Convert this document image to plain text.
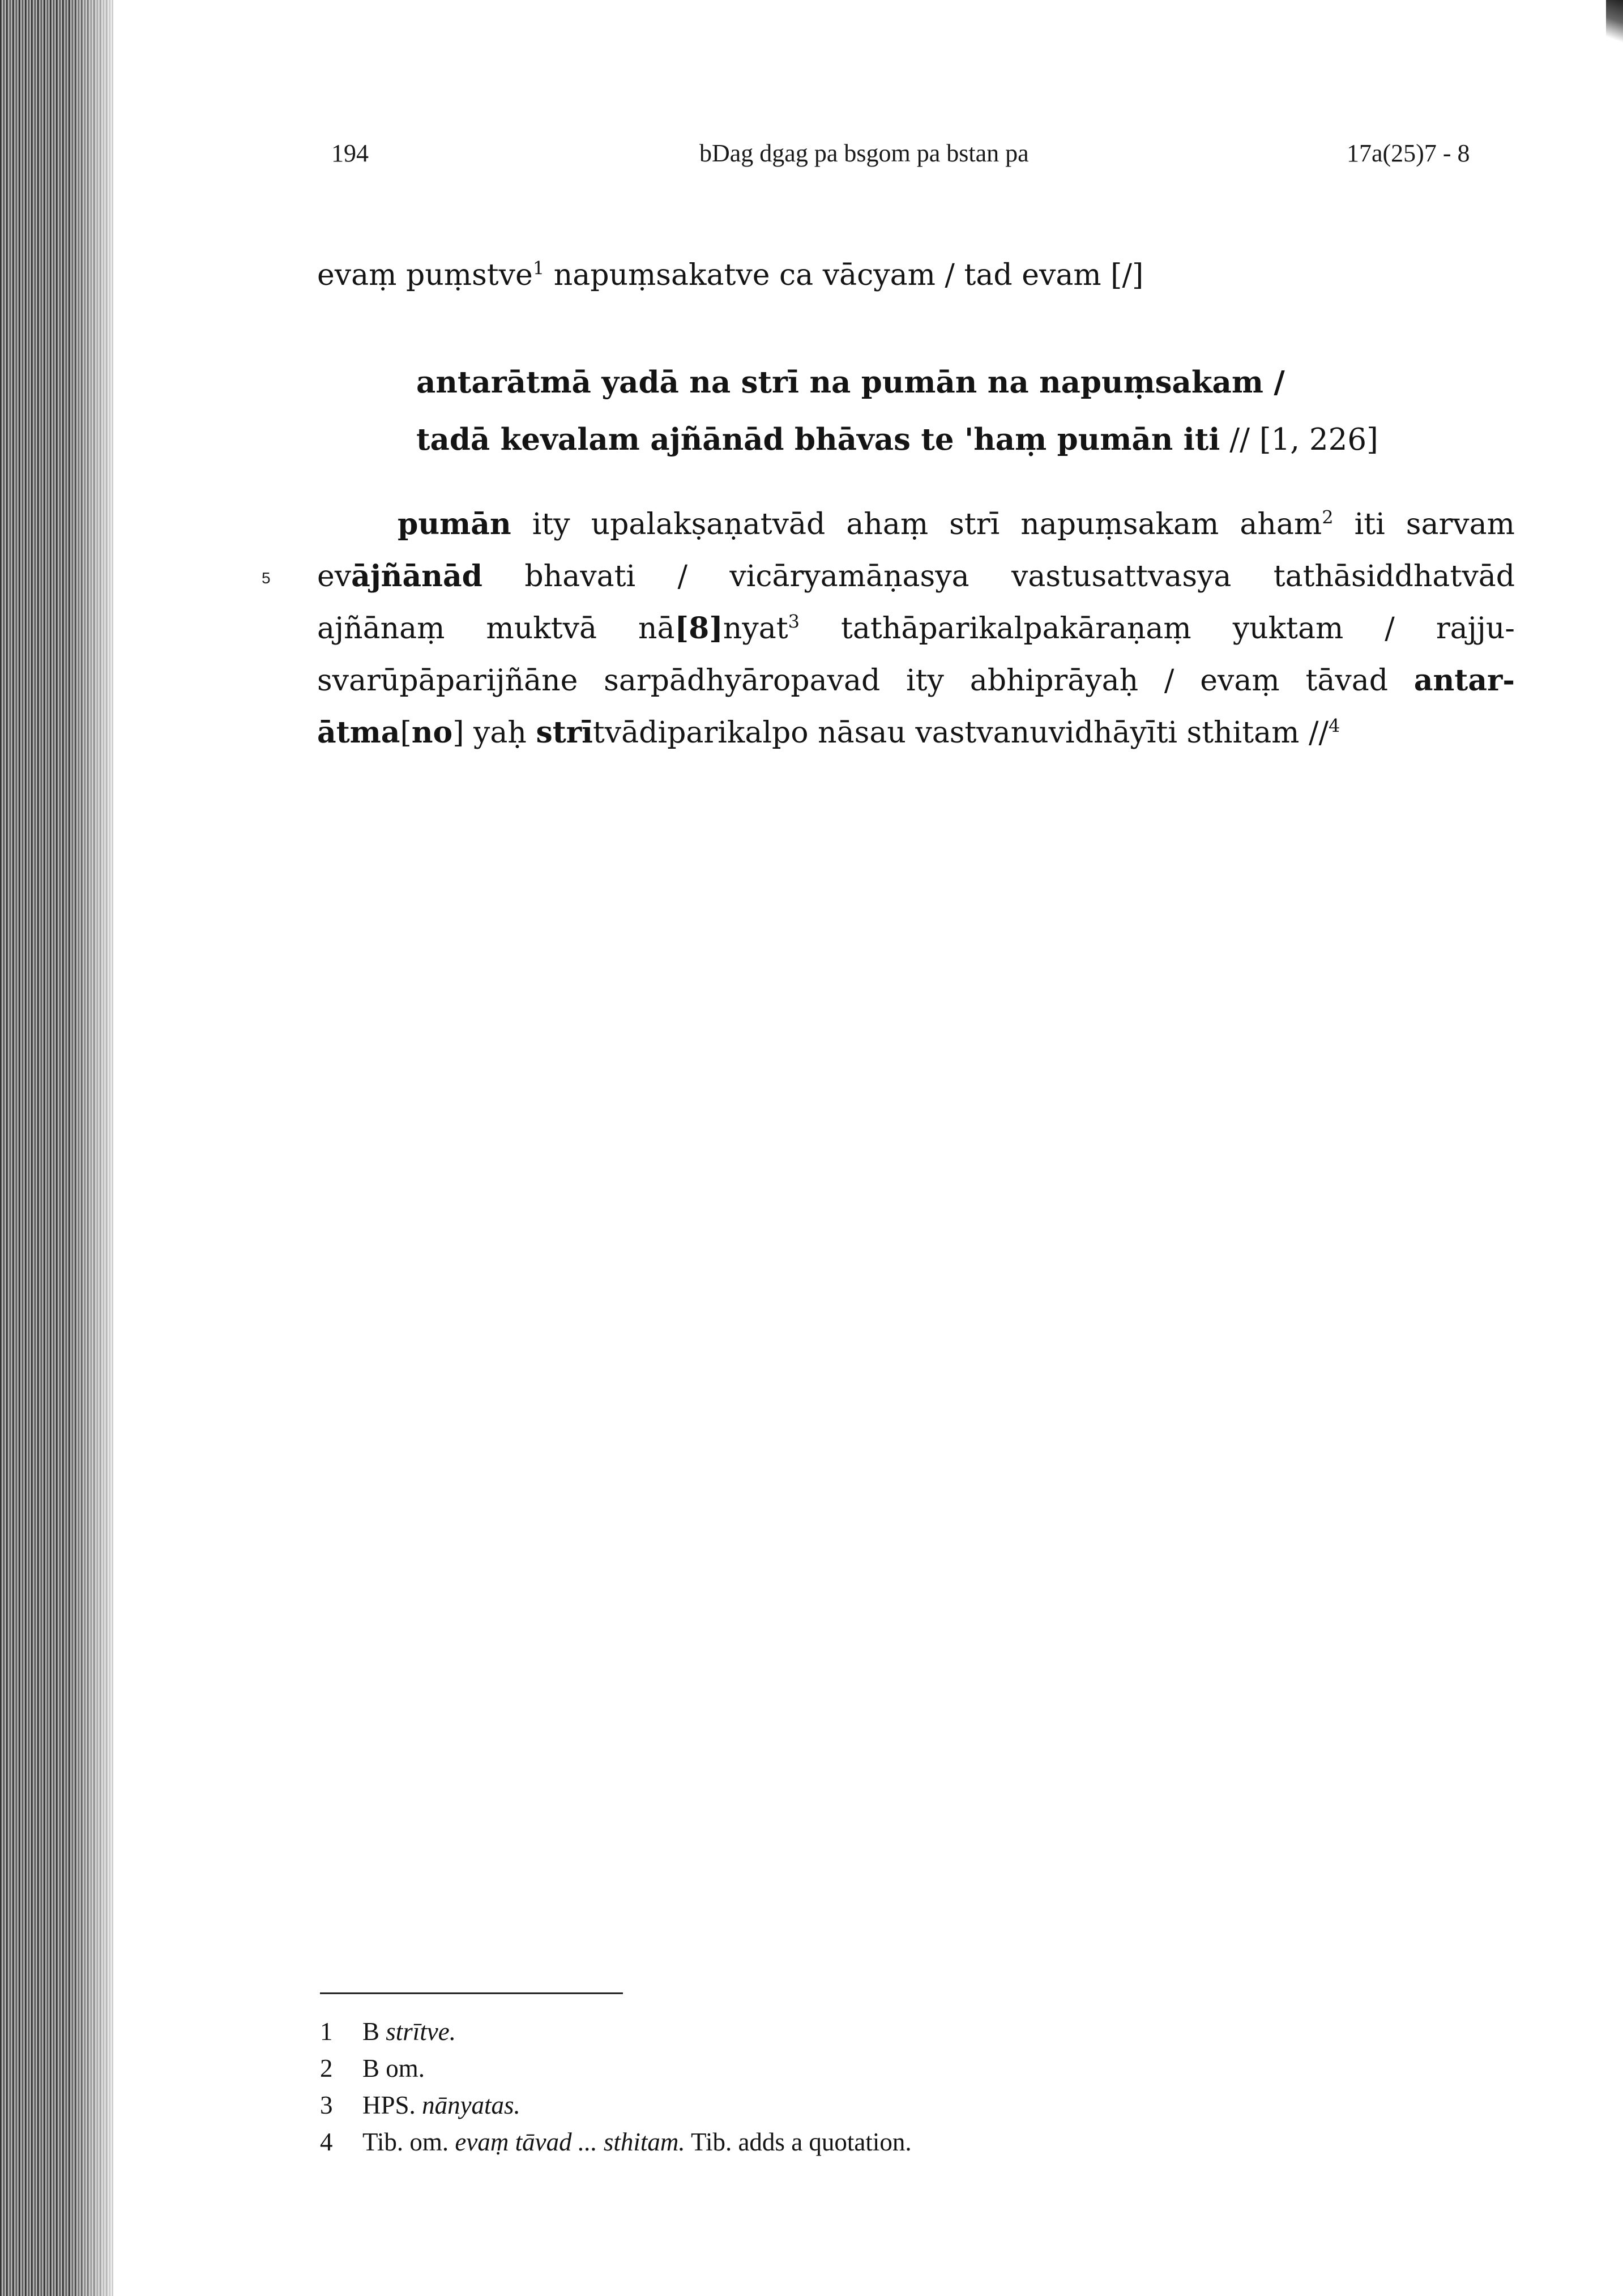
194	bDag dgag pa bsgom pa bstan pa	17a(25)7 - 8
evaṃ puṃstve$^1$ napuṃsakatve ca vācyam / tad evam [/]
antarātmā yadā na strī na pumān na napuṃsakam /
tadā kevalam ajñānād bhāvas te 'haṃ pumān iti // [1, 226]
pumān ity upalakṣaṇatvād ahaṃ strī napuṃsakam aham$^2$ iti sarvam
evājñānād bhavati / vicāryamāṇasya vastusattvasya tathāsiddhatvād
ajñānaṃ muktvā nā[8]nyat$^3$ tathāparikalpakāraṇaṃ yuktam / rajju-
svarūpāparijñāne sarpādhyāropavad ity abhiprāyaḥ / evaṃ tāvad antar-
ātma[no] yaḥ strītvādiparikalpo nāsau vastvanuvidhāyīti sthitam //$^4$
5
1 B strītve.
2 B om.
3 HPS. nānyatas.
4 Tib. om. evaṃ tāvad ... sthitam. Tib. adds a quotation.
